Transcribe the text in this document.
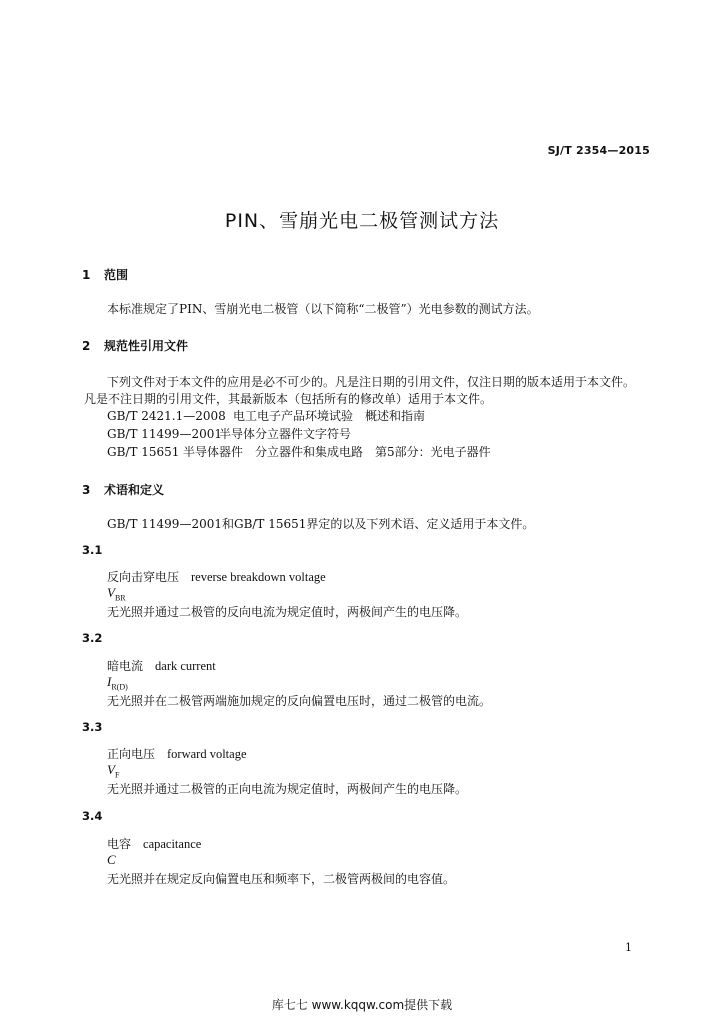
SJ/T 2354—2015
PIN、雪崩光电二极管测试方法
1 范围
本标准规定了PIN、雪崩光电二极管（以下简称“二极管”）光电参数的测试方法。
2 规范性引用文件
下列文件对于本文件的应用是必不可少的。凡是注日期的引用文件，仅注日期的版本适用于本文件。
凡是不注日期的引用文件，其最新版本（包括所有的修改单）适用于本文件。
GB/T 2421.1—2008 电工电子产品环境试验　概述和指南
GB/T 11499—2001半导体分立器件文字符号
GB/T 15651 半导体器件　分立器件和集成电路　第5部分：光电子器件
3 术语和定义
GB/T 11499—2001和GB/T 15651界定的以及下列术语、定义适用于本文件。
3.1
反向击穿电压 reverse breakdown voltage
$V_{BR}$
无光照并通过二极管的反向电流为规定值时，两极间产生的电压降。
3.2
暗电流 dark current
$I_{R(D)}$
无光照并在二极管两端施加规定的反向偏置电压时，通过二极管的电流。
3.3
正向电压 forward voltage
$V_F$
无光照并通过二极管的正向电流为规定值时，两极间产生的电压降。
3.4
电容 capacitance
C
无光照并在规定反向偏置电压和频率下，二极管两极间的电容值。
1
库七七 www.kqqw.com提供下载
